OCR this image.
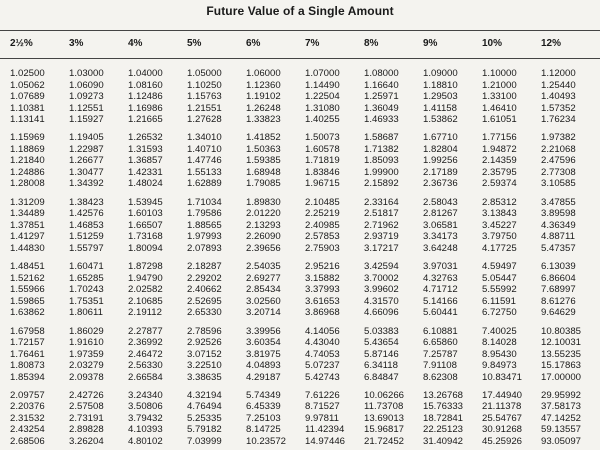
Future Value of a Single Amount
2½%	3%	4%	5%	6%	7%	8%	9%	10%	12%
1.02500	1.03000	1.04000	1.05000	1.06000	1.07000	1.08000	1.09000	1.10000	1.12000
1.05062	1.06090	1.08160	1.10250	1.12360	1.14490	1.16640	1.18810	1.21000	1.25440
1.07689	1.09273	1.12486	1.15763	1.19102	1.22504	1.25971	1.29503	1.33100	1.40493
1.10381	1.12551	1.16986	1.21551	1.26248	1.31080	1.36049	1.41158	1.46410	1.57352
1.13141	1.15927	1.21665	1.27628	1.33823	1.40255	1.46933	1.53862	1.61051	1.76234
1.15969	1.19405	1.26532	1.34010	1.41852	1.50073	1.58687	1.67710	1.77156	1.97382
1.18869	1.22987	1.31593	1.40710	1.50363	1.60578	1.71382	1.82804	1.94872	2.21068
1.21840	1.26677	1.36857	1.47746	1.59385	1.71819	1.85093	1.99256	2.14359	2.47596
1.24886	1.30477	1.42331	1.55133	1.68948	1.83846	1.99900	2.17189	2.35795	2.77308
1.28008	1.34392	1.48024	1.62889	1.79085	1.96715	2.15892	2.36736	2.59374	3.10585
1.31209	1.38423	1.53945	1.71034	1.89830	2.10485	2.33164	2.58043	2.85312	3.47855
1.34489	1.42576	1.60103	1.79586	2.01220	2.25219	2.51817	2.81267	3.13843	3.89598
1.37851	1.46853	1.66507	1.88565	2.13293	2.40985	2.71962	3.06581	3.45227	4.36349
1.41297	1.51259	1.73168	1.97993	2.26090	2.57853	2.93719	3.34173	3.79750	4.88711
1.44830	1.55797	1.80094	2.07893	2.39656	2.75903	3.17217	3.64248	4.17725	5.47357
1.48451	1.60471	1.87298	2.18287	2.54035	2.95216	3.42594	3.97031	4.59497	6.13039
1.52162	1.65285	1.94790	2.29202	2.69277	3.15882	3.70002	4.32763	5.05447	6.86604
1.55966	1.70243	2.02582	2.40662	2.85434	3.37993	3.99602	4.71712	5.55992	7.68997
1.59865	1.75351	2.10685	2.52695	3.02560	3.61653	4.31570	5.14166	6.11591	8.61276
1.63862	1.80611	2.19112	2.65330	3.20714	3.86968	4.66096	5.60441	6.72750	9.64629
1.67958	1.86029	2.27877	2.78596	3.39956	4.14056	5.03383	6.10881	7.40025	10.80385
1.72157	1.91610	2.36992	2.92526	3.60354	4.43040	5.43654	6.65860	8.14028	12.10031
1.76461	1.97359	2.46472	3.07152	3.81975	4.74053	5.87146	7.25787	8.95430	13.55235
1.80873	2.03279	2.56330	3.22510	4.04893	5.07237	6.34118	7.91108	9.84973	15.17863
1.85394	2.09378	2.66584	3.38635	4.29187	5.42743	6.84847	8.62308	10.83471	17.00000
2.09757	2.42726	3.24340	4.32194	5.74349	7.61226	10.06266	13.26768	17.44940	29.95992
2.20376	2.57508	3.50806	4.76494	6.45339	8.71527	11.73708	15.76333	21.11378	37.58173
2.31532	2.73191	3.79432	5.25335	7.25103	9.97811	13.69013	18.72841	25.54767	47.14252
2.43254	2.89828	4.10393	5.79182	8.14725	11.42394	15.96817	22.25123	30.91268	59.13557
2.68506	3.26204	4.80102	7.03999	10.23572	14.97446	21.72452	31.40942	45.25926	93.05097
